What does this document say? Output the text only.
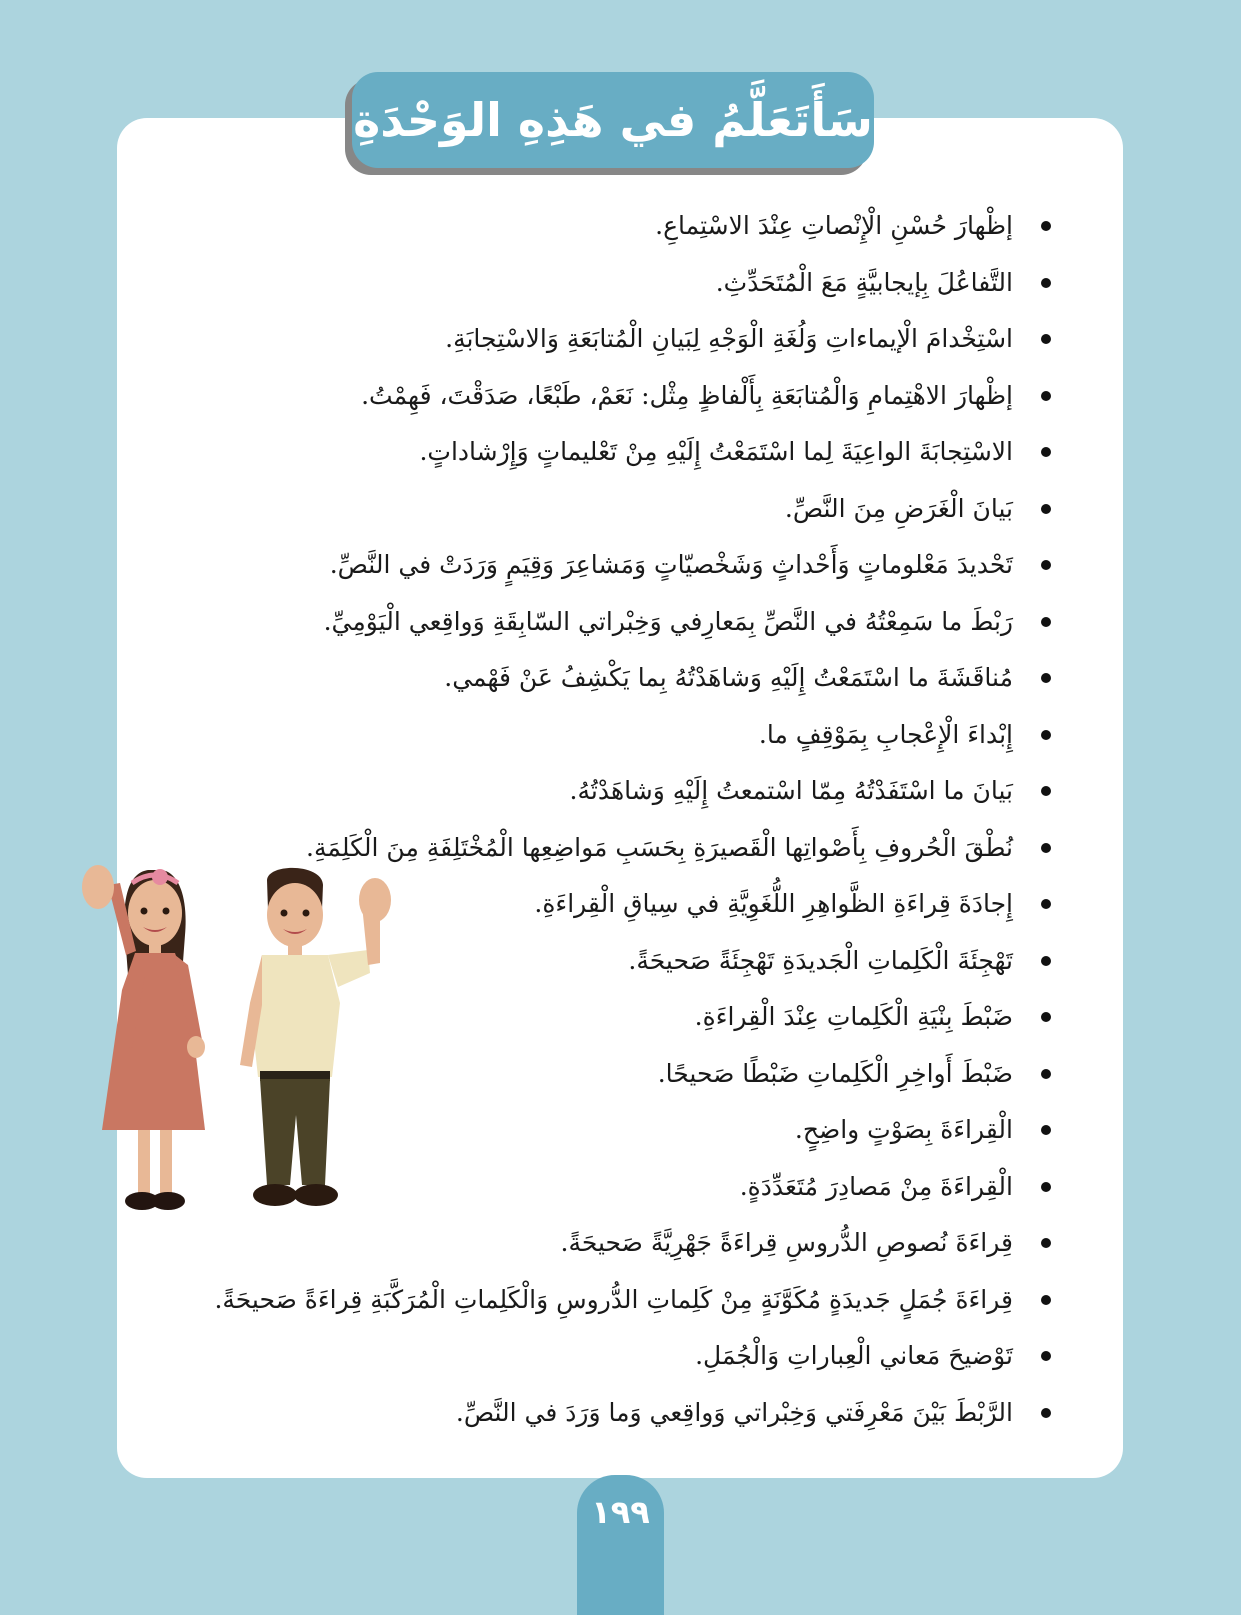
سَأَتَعَلَّمُ في هَذِهِ الوَحْدَةِ
إظْهارَ حُسْنِ الْإِنْصاتِ عِنْدَ الاسْتِماعِ.
التَّفاعُلَ بِإيجابيَّةٍ مَعَ الْمُتَحَدِّثِ.
اسْتِخْدامَ الْإيماءاتِ وَلُغَةِ الْوَجْهِ لِبَيانِ الْمُتابَعَةِ وَالاسْتِجابَةِ.
إظْهارَ الاهْتِمامِ وَالْمُتابَعَةِ بِأَلْفاظٍ مِثْل: نَعَمْ، طَبْعًا، صَدَقْتَ، فَهِمْتُ.
الاسْتِجابَةَ الواعِيَةَ لِما اسْتَمَعْتُ إِلَيْهِ مِنْ تَعْليماتٍ وَإِرْشاداتٍ.
بَيانَ الْغَرَضِ مِنَ النَّصِّ.
تَحْديدَ مَعْلوماتٍ وَأَحْداثٍ وَشَخْصيّاتٍ وَمَشاعِرَ وَقِيَمٍ وَرَدَتْ في النَّصِّ.
رَبْطَ ما سَمِعْتُهُ في النَّصِّ بِمَعارِفي وَخِبْراتي السّابِقَةِ وَواقِعي الْيَوْمِيِّ.
مُناقَشَةَ ما اسْتَمَعْتُ إِلَيْهِ وَشاهَدْتُهُ بِما يَكْشِفُ عَنْ فَهْمي.
إِبْداءَ الْإِعْجابِ بِمَوْقِفٍ ما.
بَيانَ ما اسْتَفَدْتُهُ مِمّا اسْتمعتُ إِلَيْهِ وَشاهَدْتُهُ.
نُطْقَ الْحُروفِ بِأَصْواتِها الْقَصيرَةِ بِحَسَبِ مَواضِعِها الْمُخْتَلِفَةِ مِنَ الْكَلِمَةِ.
إِجادَةَ قِراءَةِ الظَّواهِرِ اللُّغَوِيَّةِ في سِياقِ الْقِراءَةِ.
تَهْجِئَةَ الْكَلِماتِ الْجَديدَةِ تَهْجِئَةً صَحيحَةً.
ضَبْطَ بِنْيَةِ الْكَلِماتِ عِنْدَ الْقِراءَةِ.
ضَبْطَ أَواخِرِ الْكَلِماتِ ضَبْطًا صَحيحًا.
الْقِراءَةَ بِصَوْتٍ واضِحٍ.
الْقِراءَةَ مِنْ مَصادِرَ مُتَعَدِّدَةٍ.
قِراءَةَ نُصوصِ الدُّروسِ قِراءَةً جَهْرِيَّةً صَحيحَةً.
قِراءَةَ جُمَلٍ جَديدَةٍ مُكَوَّنَةٍ مِنْ كَلِماتِ الدُّروسِ وَالْكَلِماتِ الْمُرَكَّبَةِ قِراءَةً صَحيحَةً.
تَوْضيحَ مَعاني الْعِباراتِ وَالْجُمَلِ.
الرَّبْطَ بَيْنَ مَعْرِفَتي وَخِبْراتي وَواقِعي وَما وَرَدَ في النَّصِّ.
١٩٩
